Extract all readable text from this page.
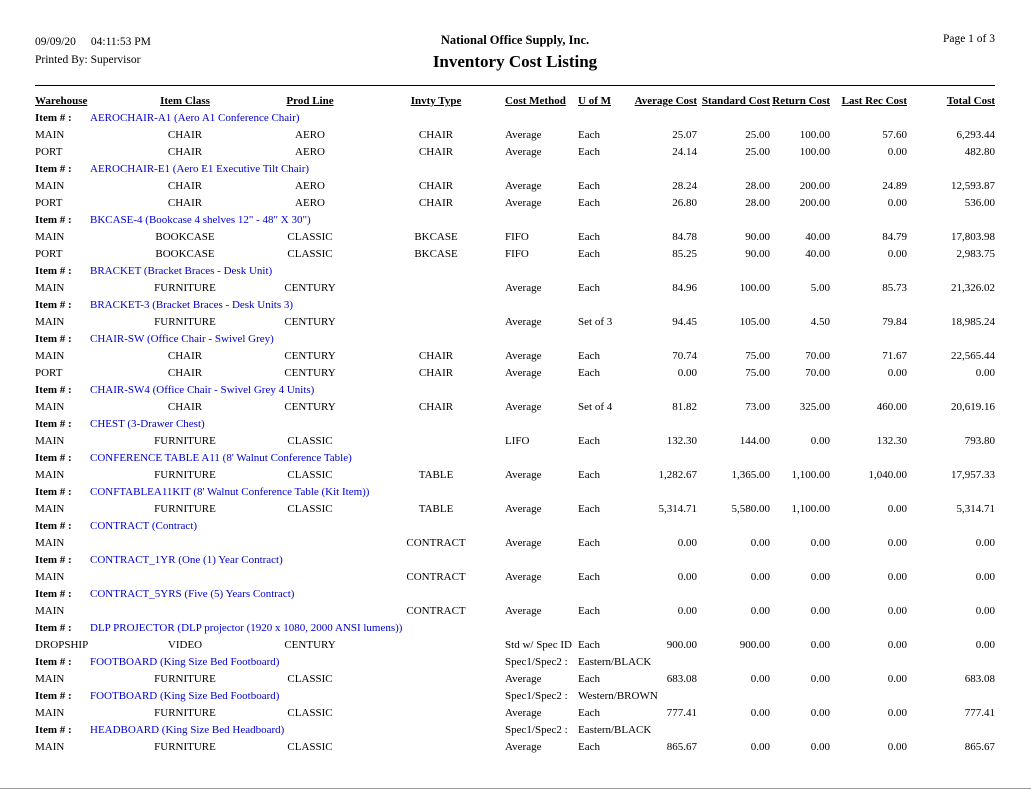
09/09/20 04:11:53 PM
Printed By: Supervisor
National Office Supply, Inc.
Inventory Cost Listing
Page 1 of 3
Warehouse		Item Class	Prod Line	Invty Type	Cost Method	U of M	Average Cost	Standard Cost	Return Cost	Last Rec Cost	Total Cost
Item # :	AEROCHAIR-A1 (Aero A1 Conference Chair)										
MAIN		CHAIR	AERO	CHAIR	Average	Each	25.07	25.00	100.00	57.60	6,293.44
PORT		CHAIR	AERO	CHAIR	Average	Each	24.14	25.00	100.00	0.00	482.80
Item # :	AEROCHAIR-E1 (Aero E1 Executive Tilt Chair)										
MAIN		CHAIR	AERO	CHAIR	Average	Each	28.24	28.00	200.00	24.89	12,593.87
PORT		CHAIR	AERO	CHAIR	Average	Each	26.80	28.00	200.00	0.00	536.00
Item # :	BKCASE-4 (Bookcase 4 shelves 12" - 48" X 30")										
MAIN		BOOKCASE	CLASSIC	BKCASE	FIFO	Each	84.78	90.00	40.00	84.79	17,803.98
PORT		BOOKCASE	CLASSIC	BKCASE	FIFO	Each	85.25	90.00	40.00	0.00	2,983.75
Item # :	BRACKET (Bracket Braces - Desk Unit)										
MAIN		FURNITURE	CENTURY		Average	Each	84.96	100.00	5.00	85.73	21,326.02
Item # :	BRACKET-3 (Bracket Braces - Desk Units 3)										
MAIN		FURNITURE	CENTURY		Average	Set of 3	94.45	105.00	4.50	79.84	18,985.24
Item # :	CHAIR-SW (Office Chair - Swivel Grey)										
MAIN		CHAIR	CENTURY	CHAIR	Average	Each	70.74	75.00	70.00	71.67	22,565.44
PORT		CHAIR	CENTURY	CHAIR	Average	Each	0.00	75.00	70.00	0.00	0.00
Item # :	CHAIR-SW4 (Office Chair - Swivel Grey 4 Units)										
MAIN		CHAIR	CENTURY	CHAIR	Average	Set of 4	81.82	73.00	325.00	460.00	20,619.16
Item # :	CHEST (3-Drawer Chest)										
MAIN		FURNITURE	CLASSIC		LIFO	Each	132.30	144.00	0.00	132.30	793.80
Item # :	CONFERENCE TABLE A11 (8' Walnut Conference Table)										
MAIN		FURNITURE	CLASSIC	TABLE	Average	Each	1,282.67	1,365.00	1,100.00	1,040.00	17,957.33
Item # :	CONFTABLEA11KIT (8' Walnut Conference Table (Kit Item))										
MAIN		FURNITURE	CLASSIC	TABLE	Average	Each	5,314.71	5,580.00	1,100.00	0.00	5,314.71
Item # :	CONTRACT (Contract)										
MAIN				CONTRACT	Average	Each	0.00	0.00	0.00	0.00	0.00
Item # :	CONTRACT_1YR (One (1) Year Contract)										
MAIN				CONTRACT	Average	Each	0.00	0.00	0.00	0.00	0.00
Item # :	CONTRACT_5YRS (Five (5) Years Contract)										
MAIN				CONTRACT	Average	Each	0.00	0.00	0.00	0.00	0.00
Item # :	DLP PROJECTOR (DLP projector (1920 x 1080, 2000 ANSI lumens))										
DROPSHIP		VIDEO	CENTURY		Std w/ Spec ID	Each	900.00	900.00	0.00	0.00	0.00
Item # :	FOOTBOARD (King Size Bed Footboard)				Spec1/Spec2 :	Eastern/BLACK					
MAIN		FURNITURE	CLASSIC		Average	Each	683.08	0.00	0.00	0.00	683.08
Item # :	FOOTBOARD (King Size Bed Footboard)				Spec1/Spec2 :	Western/BROWN					
MAIN		FURNITURE	CLASSIC		Average	Each	777.41	0.00	0.00	0.00	777.41
Item # :	HEADBOARD (King Size Bed Headboard)				Spec1/Spec2 :	Eastern/BLACK					
MAIN		FURNITURE	CLASSIC		Average	Each	865.67	0.00	0.00	0.00	865.67
